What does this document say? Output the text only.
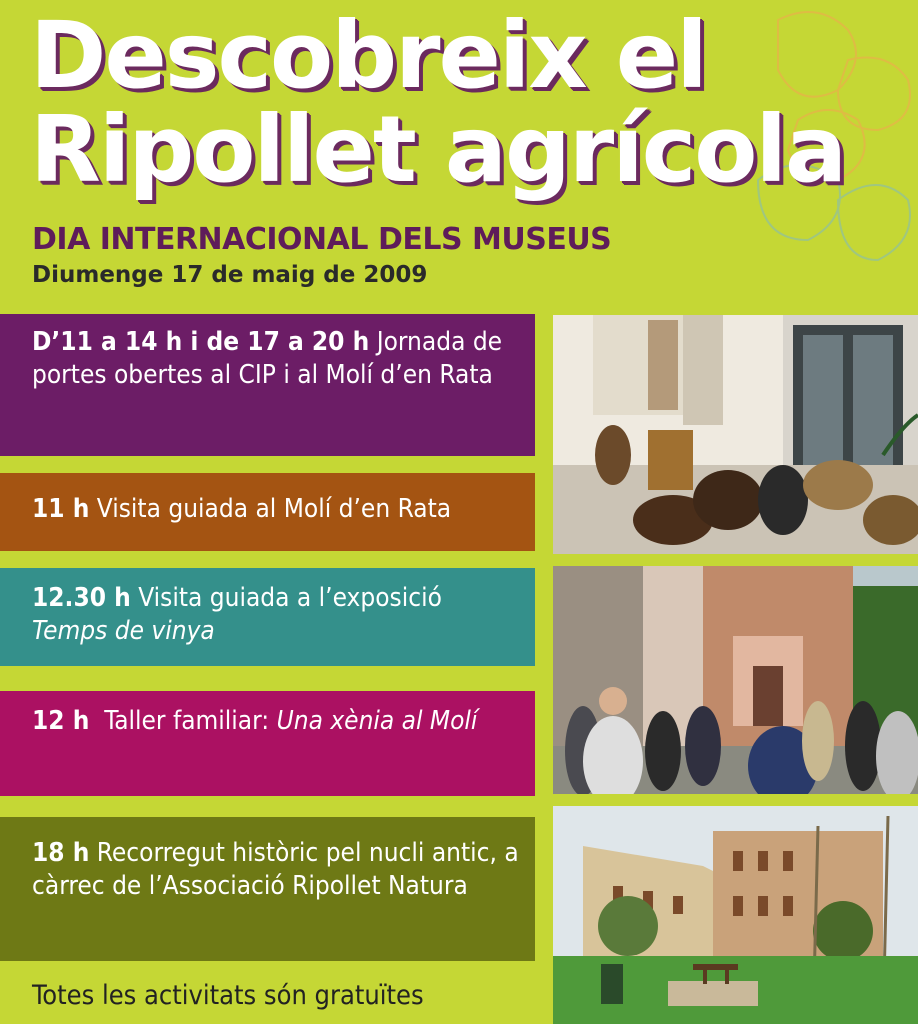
Descobreix el
Ripollet agrícola

DIA INTERNACIONAL DELS MUSEUS

Diumenge 17 de maig de 2009

D’11 a 14 h i de 17 a 20 h Jornada de portes obertes al CIP i al Molí d’en Rata
11 h Visita guiada al Molí d’en Rata
12.30 h Visita guiada a l’exposició
Temps de vinya
12 h Taller familiar: Una xènia al Molí
18 h Recorregut històric pel nucli antic, a càrrec de l’Associació Ripollet Natura

Totes les activitats són gratuïtes
